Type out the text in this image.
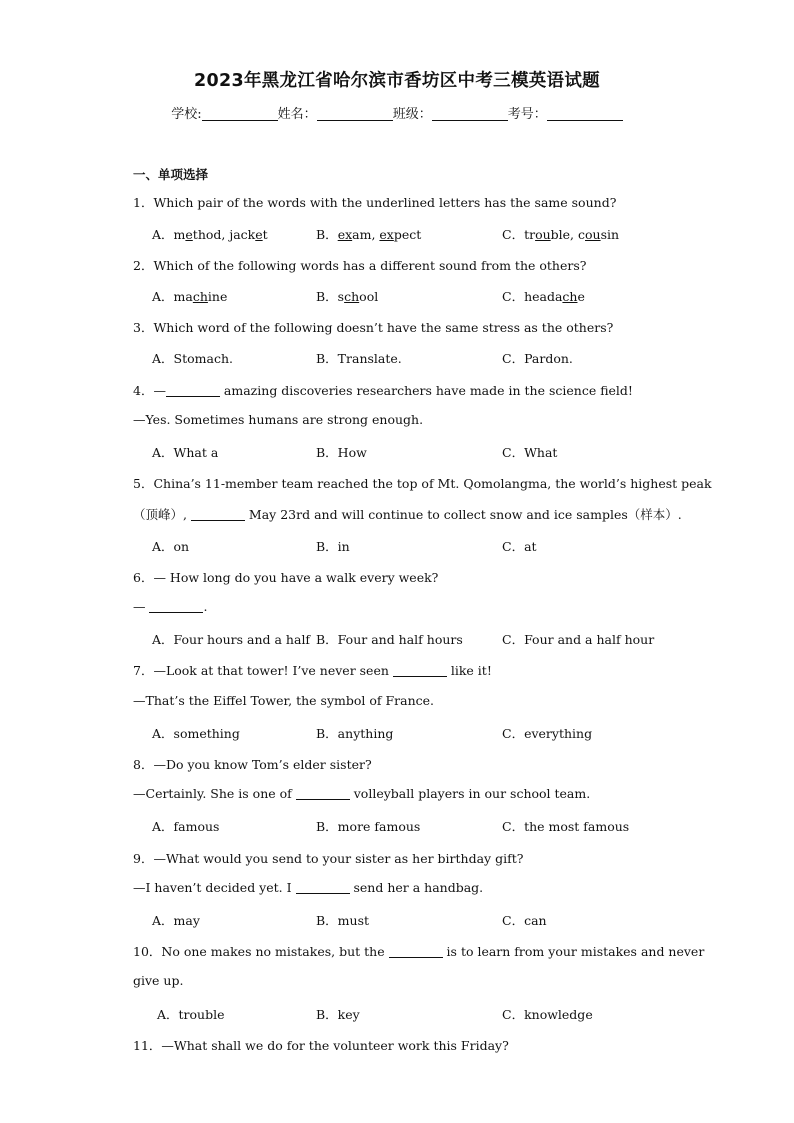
2023年黑龙江省哈尔滨市香坊区中考三模英语试题
学校:	姓名：	班级：	考号：
一、单项选择
1．Which pair of the words with the underlined letters has the same sound?
A．method, jacket	B．exam, expect	C．trouble, cousin
2．Which of the following words has a different sound from the others?
A．machine	B．school	C．headache
3．Which word of the following doesn’t have the same stress as the others?
A．Stomach.	B．Translate.	C．Pardon.
4．—	amazing discoveries researchers have made in the science field!
—Yes. Sometimes humans are strong enough.
A．What a	B．How	C．What
5．China’s 11-member team reached the top of Mt. Qomolangma, the world’s highest peak
（顶峰）,	May 23rd and will continue to collect snow and ice samples（样本）.
A．on	B．in	C．at
6．— How long do you have a walk every week?
—	.
A．Four hours and a half B．Four and half hours	C．Four and a half hour
7．—Look at that tower! I’ve never seen	like it!
—That’s the Eiffel Tower, the symbol of France.
A．something	B．anything	C．everything
8．—Do you know Tom’s elder sister?
—Certainly. She is one of	volleyball players in our school team.
A．famous	B．more famous	C．the most famous
9．—What would you send to your sister as her birthday gift?
—I haven’t decided yet. I	send her a handbag.
A．may	B．must	C．can
10．No one makes no mistakes, but the	is to learn from your mistakes and never
give up.
A．trouble	B．key	C．knowledge
11．—What shall we do for the volunteer work this Friday?
